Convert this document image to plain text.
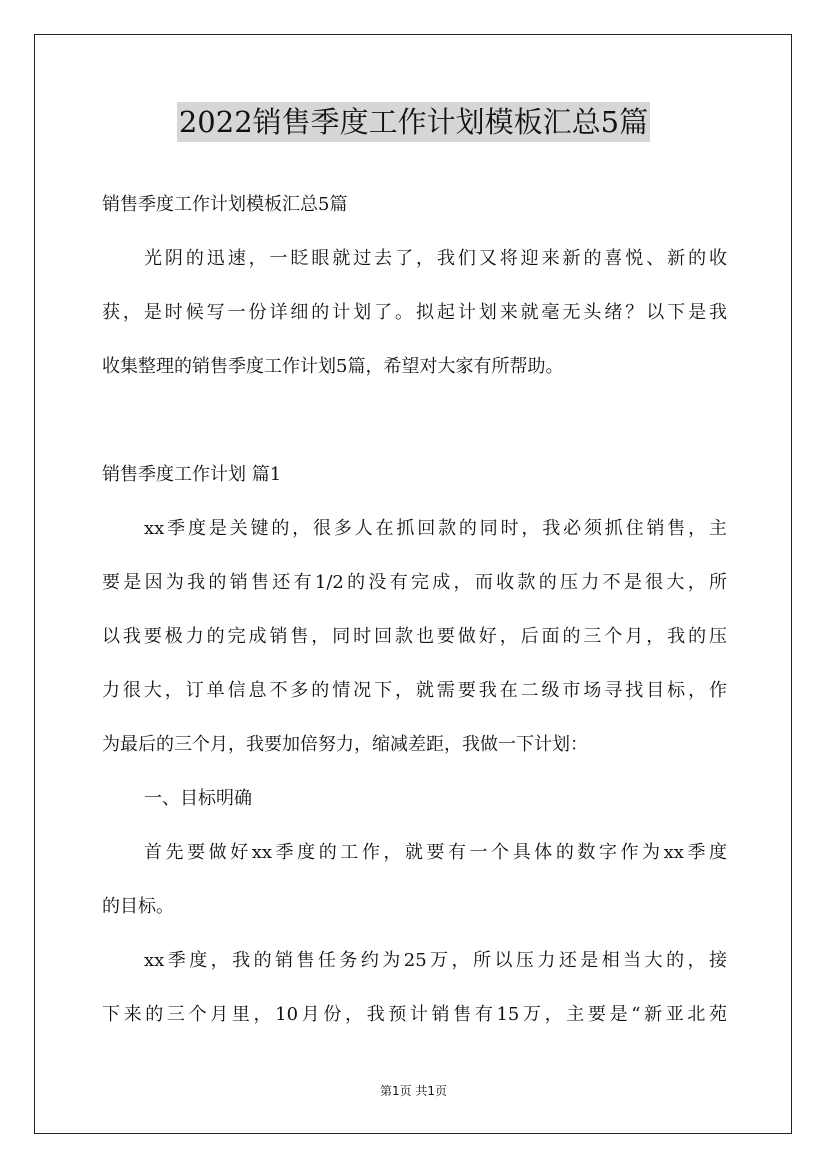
2022销售季度工作计划模板汇总5篇
销售季度工作计划模板汇总5篇
光阴的迅速，一眨眼就过去了，我们又将迎来新的喜悦、新的收
获，是时候写一份详细的计划了。拟起计划来就毫无头绪？以下是我
收集整理的销售季度工作计划5篇，希望对大家有所帮助。
销售季度工作计划 篇1
xx季度是关键的，很多人在抓回款的同时，我必须抓住销售，主
要是因为我的销售还有1/2的没有完成，而收款的压力不是很大，所
以我要极力的完成销售，同时回款也要做好，后面的三个月，我的压
力很大，订单信息不多的情况下，就需要我在二级市场寻找目标，作
为最后的三个月，我要加倍努力，缩减差距，我做一下计划：
一、目标明确
首先要做好xx季度的工作，就要有一个具体的数字作为xx季度
的目标。
xx季度，我的销售任务约为25万，所以压力还是相当大的，接
下来的三个月里，10月份，我预计销售有15万，主要是“新亚北苑
第1页 共1页
